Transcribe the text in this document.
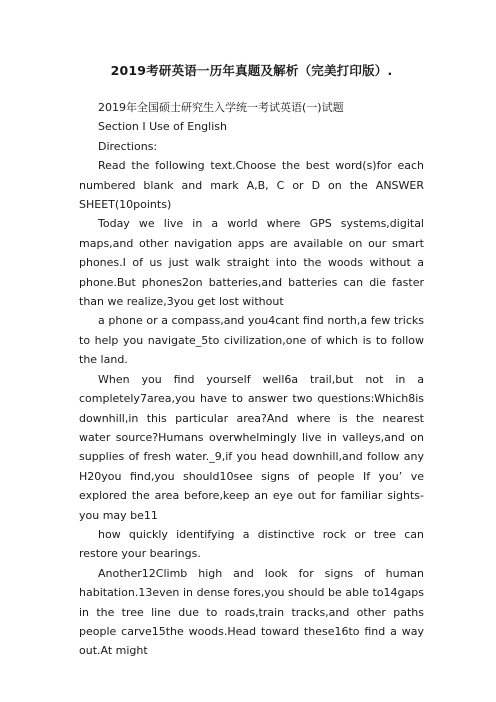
2019考研英语一历年真题及解析（完美打印版）.

2019年全国硕士研究生入学统一考试英语(一)试题

Section I Use of English

Directions:

Read the following text.Choose the best word(s)for each numbered blank and mark A,B, C or D on the ANSWER SHEET(10points)

Today we live in a world where GPS systems,digital maps,and other navigation apps are available on our smart phones.I of us just walk straight into the woods without a phone.But phones2on batteries,and batteries can die faster than we realize,3you get lost without

a phone or a compass,and you4cant find north,a few tricks to help you navigate_5to civilization,one of which is to follow the land.

When you find yourself well6a trail,but not in a completely7area,you have to answer two questions:Which8is downhill,in this particular area?And where is the nearest water source?Humans overwhelmingly live in valleys,and on supplies of fresh water._9,if you head downhill,and follow any H20you find,you should10see signs of people If you’ ve explored the area before,keep an eye out for familiar sights-you may be11

how quickly identifying a distinctive rock or tree can restore your bearings.

Another12Climb high and look for signs of human habitation.13even in dense fores,you should be able to14gaps in the tree line due to roads,train tracks,and other paths people carve15the woods.Head toward these16to find a way out.At might
